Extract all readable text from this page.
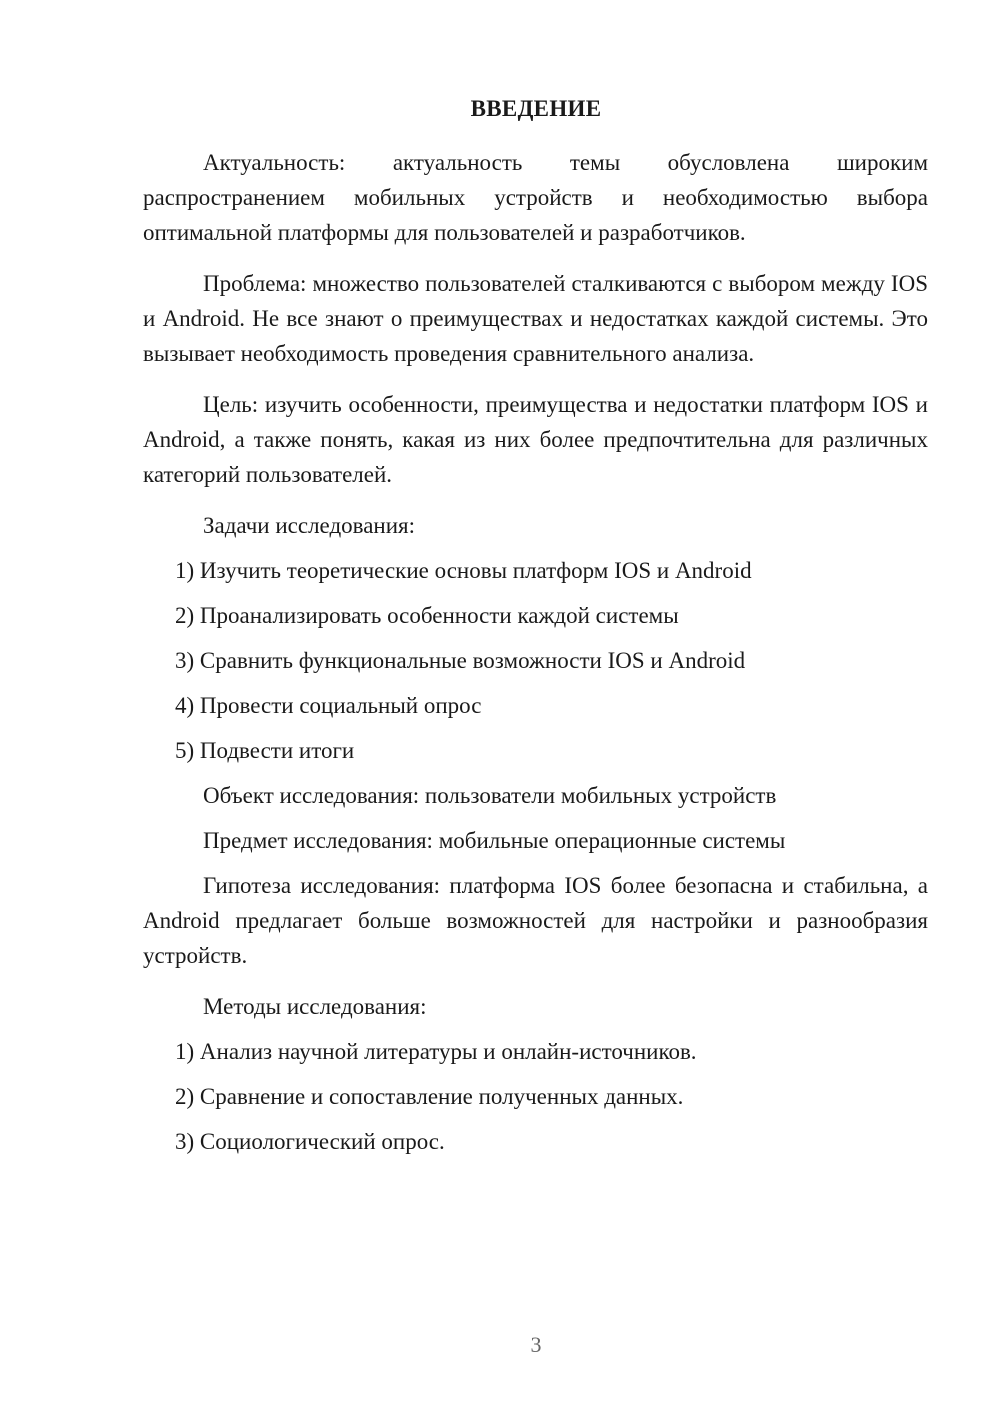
ВВЕДЕНИЕ

Актуальность: актуальность темы обусловлена широким распространением мобильных устройств и необходимостью выбора оптимальной платформы для пользователей и разработчиков.

Проблема: множество пользователей сталкиваются с выбором между IOS и Android. Не все знают о преимуществах и недостатках каждой системы. Это вызывает необходимость проведения сравнительного анализа.

Цель: изучить особенности, преимущества и недостатки платформ IOS и Android, а также понять, какая из них более предпочтительна для различных категорий пользователей.

Задачи исследования:

1) Изучить теоретические основы платформ IOS и Android
2) Проанализировать особенности каждой системы
3) Сравнить функциональные возможности IOS и Android
4) Провести социальный опрос
5) Подвести итоги

Объект исследования: пользователи мобильных устройств

Предмет исследования: мобильные операционные системы

Гипотеза исследования: платформа IOS более безопасна и стабильна, а Android предлагает больше возможностей для настройки и разнообразия устройств.

Методы исследования:

1) Анализ научной литературы и онлайн-источников.
2) Сравнение и сопоставление полученных данных.
3) Социологический опрос.
3
